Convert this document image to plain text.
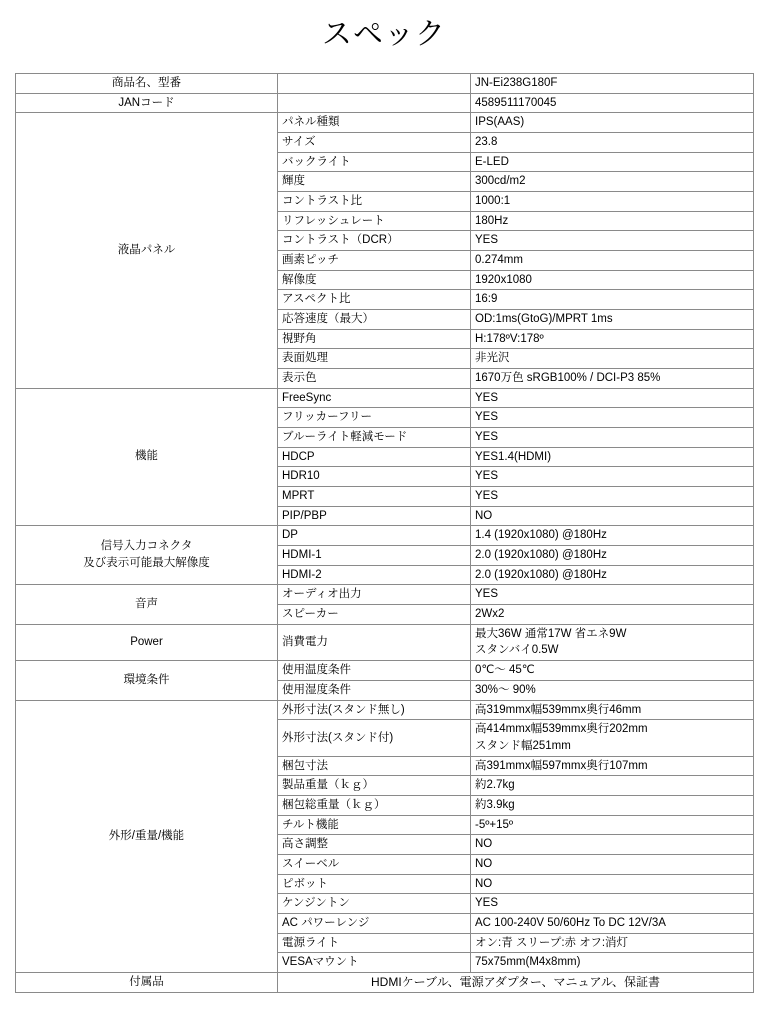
スペック
商品名、型番		JN-Ei238G180F
JANコード		4589511170045

液晶パネル	パネル種類	IPS(AAS)
	サイズ	23.8
	バックライト	E-LED
	輝度	300cd/m2
	コントラスト比	1000:1
	リフレッシュレート	180Hz
	コントラスト（DCR）	YES
	画素ピッチ	0.274mm
	解像度	1920x1080
	アスペクト比	16:9
	応答速度（最大）	OD:1ms(GtoG)/MPRT 1ms
	視野角	H:178ºV:178º
	表面処理	非光沢
	表示色	1670万色 sRGB100% / DCI-P3 85%

機能	FreeSync	YES
	フリッカーフリー	YES
	ブルーライト軽減モード	YES
	HDCP	YES1.4(HDMI)
	HDR10	YES
	MPRT	YES
	PIP/PBP	NO

信号入力コネクタ
及び表示可能最大解像度	DP	1.4 (1920x1080) @180Hz
	HDMI-1	2.0 (1920x1080) @180Hz
	HDMI-2	2.0 (1920x1080) @180Hz

音声	オーディオ出力	YES
	スピーカー	2Wx2

Power	消費電力	最大36W 通常17W 省エネ9W
スタンバイ0.5W

環境条件	使用温度条件	0℃～ 45℃
	使用湿度条件	30%～ 90%

外形/重量/機能	外形寸法(スタンド無し)	高319mmx幅539mmx奥行46mm
	外形寸法(スタンド付)	高414mmx幅539mmx奥行202mm
スタンド幅251mm

	梱包寸法	高391mmx幅597mmx奥行107mm
	製品重量（ｋｇ）	約2.7kg
	梱包総重量（ｋｇ）	約3.9kg
	チルト機能	-5º+15º
	高さ調整	NO
	スイーベル	NO
	ピボット	NO
	ケンジントン	YES
	AC パワーレンジ	AC 100-240V 50/60Hz To DC 12V/3A
	電源ライト	オン:青 スリープ:赤 オフ:消灯
	VESAマウント	75x75mm(M4x8mm)
付属品	HDMIケーブル、電源アダプター、マニュアル、保証書	
